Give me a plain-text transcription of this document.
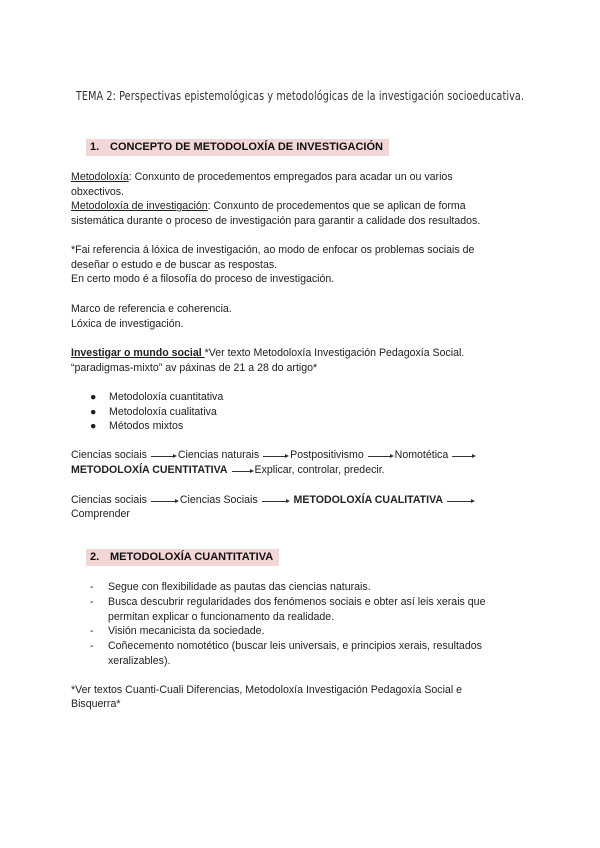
TEMA 2: Perspectivas epistemológicas y metodológicas de la investigación socioeducativa.
1. CONCEPTO DE METODOLOXÍA DE INVESTIGACIÓN
Metodoloxía: Conxunto de procedementos empregados para acadar un ou varios
obxectivos.
Metodoloxía de investigación: Conxunto de procedementos que se aplican de forma
sistemática durante o proceso de investigación para garantir a calidade dos resultados.
*Fai referencia á lóxica de investigación, ao modo de enfocar os problemas sociais de
deseñar o estudo e de buscar as respostas.
En certo modo é a filosofía do proceso de investigación.
Marco de referencia e coherencia.
Lóxica de investigación.
Investigar o mundo social *Ver texto Metodoloxía Investigación Pedagoxía Social.
“paradigmas-mixto” av páxinas de 21 a 28 do artigo*
● Metodoloxía cuantitativa
● Metodoloxía cualitativa
● Métodos mixtos
Ciencias sociais	Ciencias naturais	Postpositivismo	Nomotética
METODOLOXÍA CUENTITATIVA	Explicar, controlar, predecir.
Ciencias sociais	Ciencias Sociais	METODOLOXÍA CUALITATIVA
Comprender
2. METODOLOXÍA CUANTITATIVA
- Segue con flexibilidade as pautas das ciencias naturais.
- Busca descubrir regularidades dos fenómenos sociais e obter así leis xerais que
permitan explicar o funcionamento da realidade.
- Visión mecanicista da sociedade.
- Coñecemento nomotético (buscar leis universais, e principios xerais, resultados
xeralizables).
*Ver textos Cuanti-Cuali Diferencias, Metodoloxía Investigación Pedagoxía Social e
Bisquerra*
